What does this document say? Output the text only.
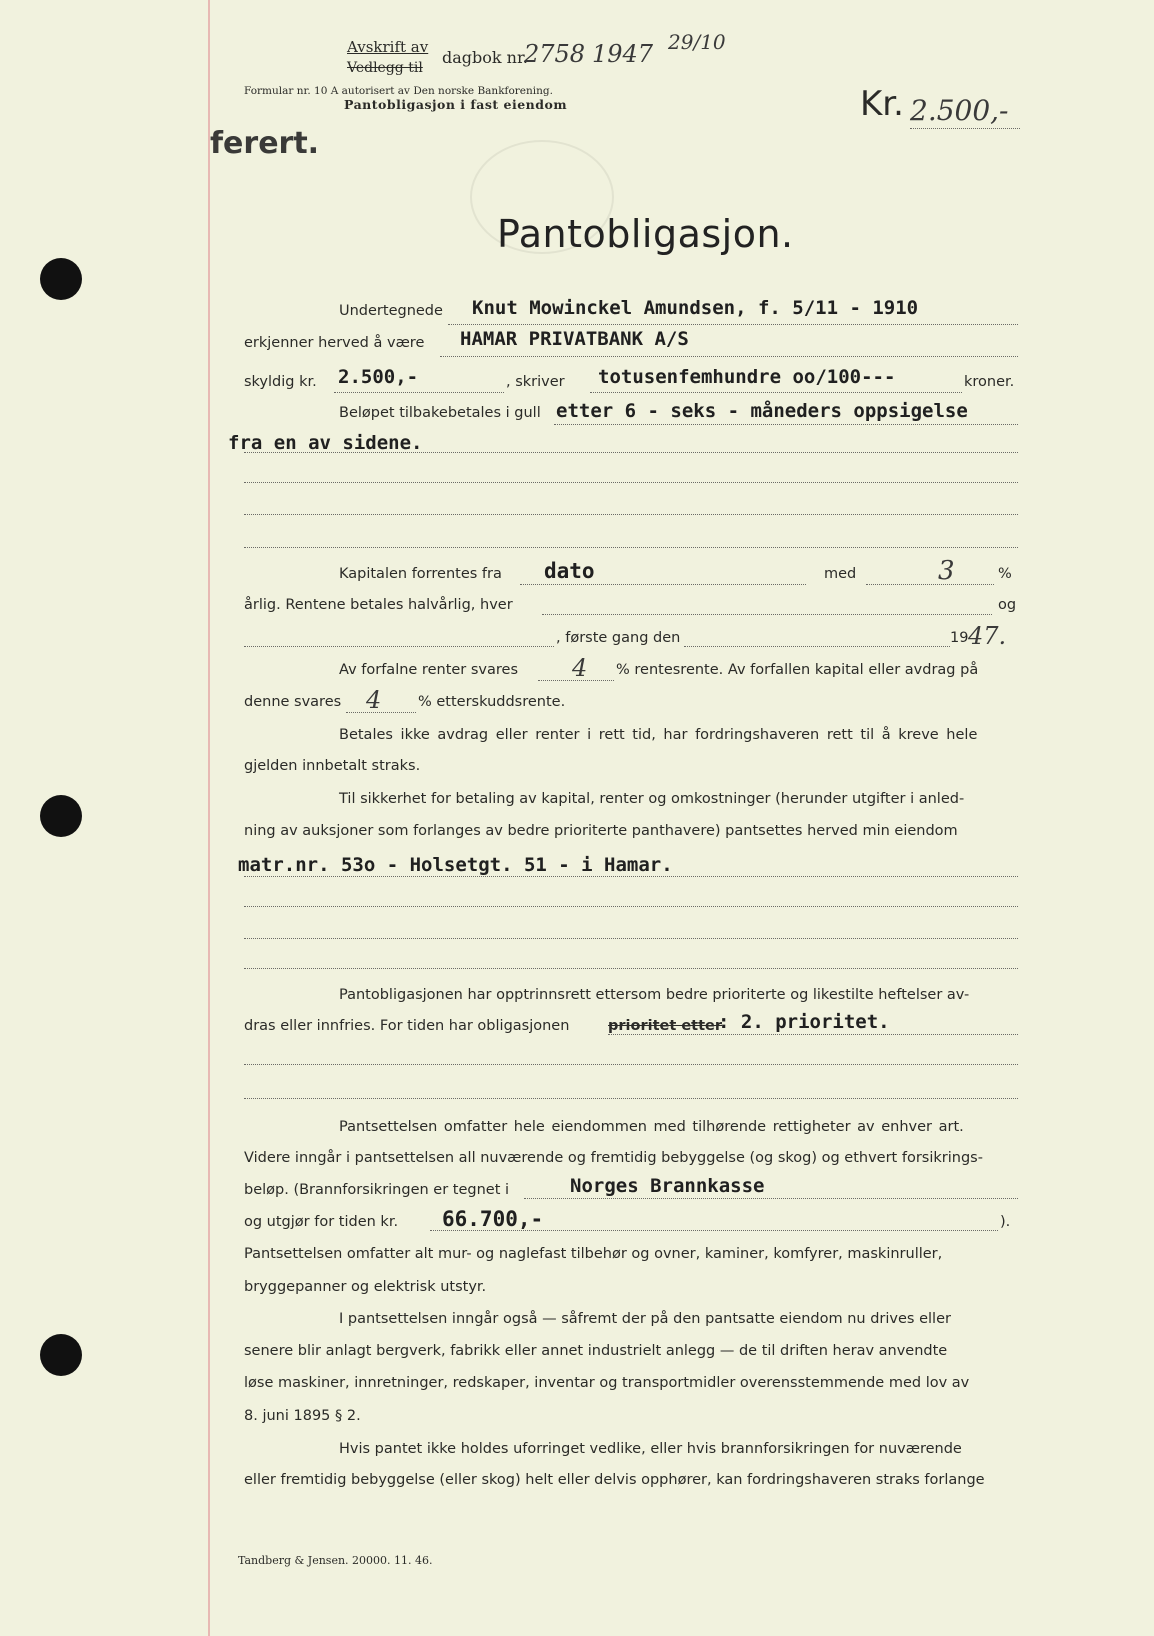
Avskrift av
Vedlegg til
dagbok nr.
2758 1947 29/10
Formular nr. 10 A autorisert av Den norske Bankforening.
Pantobligasjon i fast eiendom	Kr. 2.500,-
ferert.
Pantobligasjon.
Undertegnede Knut Mowinckel Amundsen, f. 5/11 - 1910
erkjenner herved å være HAMAR PRIVATBANK A/S
skyldig kr. 2.500,-	, skriver totusenfemhundre oo/100---	kroner.
Beløpet tilbakebetales i gull etter 6 - seks - måneders oppsigelse
fra en av sidene.
Kapitalen forrentes fra dato	med	3	%
årlig. Rentene betales halvårlig, hver	og
, første gang den	19 47.
Av forfalne renter svares 4 % rentesrente. Av forfallen kapital eller avdrag på
denne svares 4	% etterskuddsrente.
Betales ikke avdrag eller renter i rett tid, har fordringshaveren rett til å kreve hele
gjelden innbetalt straks.
Til sikkerhet for betaling av kapital, renter og omkostninger (herunder utgifter i anled-
ning av auksjoner som forlanges av bedre prioriterte panthavere) pantsettes herved min eiendom
matr.nr. 53o - Holsetgt. 51 - i Hamar.
Pantobligasjonen har opptrinnsrett ettersom bedre prioriterte og likestilte heftelser av-
dras eller innfries. For tiden har obligasjonen	prioritet etter
: 2. prioritet.
Pantsettelsen omfatter hele eiendommen med tilhørende rettigheter av enhver art.
Videre inngår i pantsettelsen all nuværende og fremtidig bebyggelse (og skog) og ethvert forsikrings-
beløp. (Brannforsikringen er tegnet i	Norges Brannkasse
og utgjør for tiden kr. 66.700,-	).
Pantsettelsen omfatter alt mur- og naglefast tilbehør og ovner, kaminer, komfyrer, maskinruller,
bryggepanner og elektrisk utstyr.
I pantsettelsen inngår også — såfremt der på den pantsatte eiendom nu drives eller
senere blir anlagt bergverk, fabrikk eller annet industrielt anlegg — de til driften herav anvendte
løse maskiner, innretninger, redskaper, inventar og transportmidler overensstemmende med lov av
8. juni 1895 § 2.
Hvis pantet ikke holdes uforringet vedlike, eller hvis brannforsikringen for nuværende
eller fremtidig bebyggelse (eller skog) helt eller delvis opphører, kan fordringshaveren straks forlange
Tandberg & Jensen. 20000. 11. 46.
